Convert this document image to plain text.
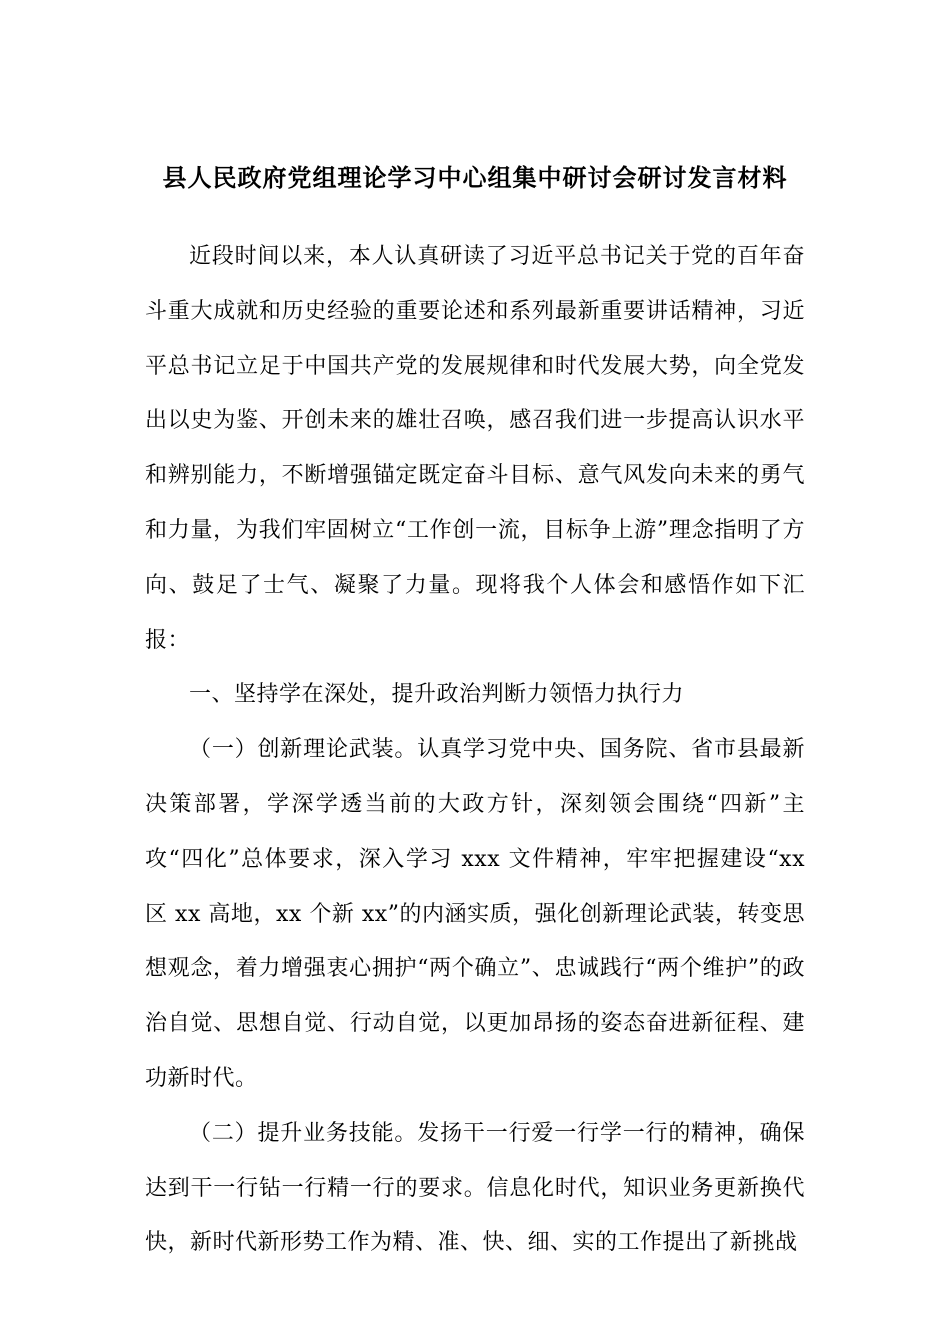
县人民政府党组理论学习中心组集中研讨会研讨发言材料

近段时间以来，本人认真研读了习近平总书记关于党的百年奋斗重大成就和历史经验的重要论述和系列最新重要讲话精神，习近平总书记立足于中国共产党的发展规律和时代发展大势，向全党发出以史为鉴、开创未来的雄壮召唤，感召我们进一步提高认识水平和辨别能力，不断增强锚定既定奋斗目标、意气风发向未来的勇气和力量，为我们牢固树立“工作创一流，目标争上游”理念指明了方向、鼓足了士气、凝聚了力量。现将我个人体会和感悟作如下汇报：

一、坚持学在深处，提升政治判断力领悟力执行力

（一）创新理论武装。认真学习党中央、国务院、省市县最新决策部署，学深学透当前的大政方针，深刻领会围绕“四新”主攻“四化”总体要求，深入学习 xxx 文件精神，牢牢把握建设“xx 区 xx 高地，xx 个新 xx”的内涵实质，强化创新理论武装，转变思想观念，着力增强衷心拥护“两个确立”、忠诚践行“两个维护”的政治自觉、思想自觉、行动自觉，以更加昂扬的姿态奋进新征程、建功新时代。

（二）提升业务技能。发扬干一行爱一行学一行的精神，确保达到干一行钻一行精一行的要求。信息化时代，知识业务更新换代快，新时代新形势工作为精、准、快、细、实的工作提出了新挑战
